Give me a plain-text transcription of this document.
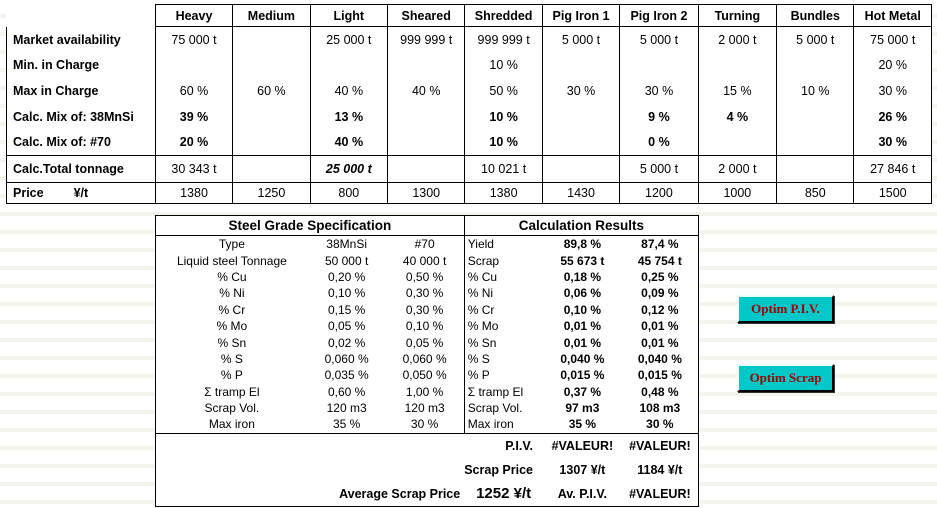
	Heavy	Medium	Light	Sheared	Shredded	Pig Iron 1	Pig Iron 2	Turning	Bundles	Hot Metal
Market availability	75 000 t		25 000 t	999 999 t	999 999 t	5 000 t	5 000 t	2 000 t	5 000 t	75 000 t
Min. in Charge					10 %					20 %
Max in Charge	60 %	60 %	40 %	40 %	50 %	30 %	30 %	15 %	10 %	30 %
Calc. Mix of: 38MnSi	39 %		13 %		10 %		9 %	4 %		26 %
Calc. Mix of: #70	20 %		40 %		10 %		0 %			30 %
Calc.Total tonnage	30 343 t		25 000 t		10 021 t		5 000 t	2 000 t		27 846 t
Price ¥/t	1380	1250	800	1300	1380	1430	1200	1000	850	1500
Steel Grade Specification			Calculation Results		
Type	38MnSi	#70	Yield	89,8 %	87,4 %
Liquid steel Tonnage	50 000 t	40 000 t	Scrap	55 673 t	45 754 t
% Cu	0,20 %	0,50 %	% Cu	0,18 %	0,25 %
% Ni	0,10 %	0,30 %	% Ni	0,06 %	0,09 %
% Cr	0,15 %	0,30 %	% Cr	0,10 %	0,12 %
% Mo	0,05 %	0,10 %	% Mo	0,01 %	0,01 %
% Sn	0,02 %	0,05 %	% Sn	0,01 %	0,01 %
% S	0,060 %	0,060 %	% S	0,040 %	0,040 %
% P	0,035 %	0,050 %	% P	0,015 %	0,015 %
Σ tramp El	0,60 %	1,00 %	Σ tramp El	0,37 %	0,48 %
Scrap Vol.	120 m3	120 m3	Scrap Vol.	97 m3	108 m3
Max iron	35 %	30 %	Max iron	35 %	30 %
			P.I.V.	#VALEUR!	#VALEUR!
			Scrap Price	1307 ¥/t	1184 ¥/t
	Average Scrap Price		1252 ¥/t	Av. P.I.V.	#VALEUR!
Optim P.I.V.
Optim Scrap
